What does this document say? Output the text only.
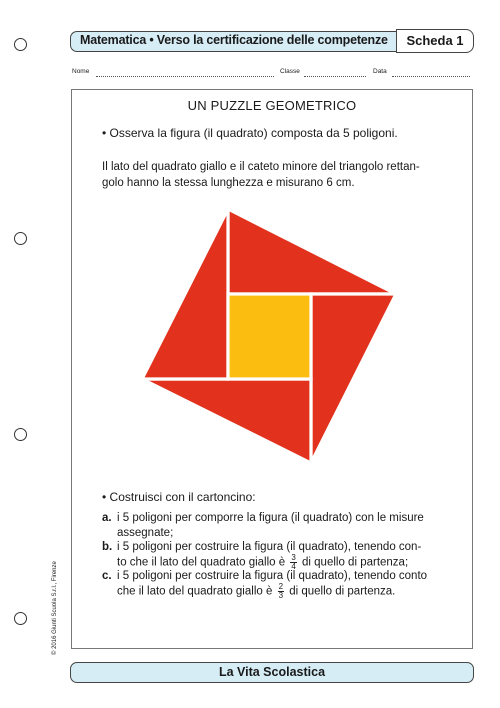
Matematica • Verso la certificazione delle competenze	Scheda 1
Nome	Classe	Data
UN PUZZLE GEOMETRICO
• Osserva la figura (il quadrato) composta da 5 poligoni.
Il lato del quadrato giallo e il cateto minore del triangolo rettan-
golo hanno la stessa lunghezza e misurano 6 cm.
• Costruisci con il cartoncino:
a. i 5 poligoni per comporre la figura (il quadrato) con le misure
assegnate;
b. i 5 poligoni per costruire la figura (il quadrato), tenendo con-
to che il lato del quadrato giallo è $\frac{3}{4}$ di quello di partenza;
c. i 5 poligoni per costruire la figura (il quadrato), tenendo conto
che il lato del quadrato giallo è $\frac{2}{3}$ di quello di partenza.
© 2016 Giunti Scuola S.r.l., Firenze
La Vita Scolastica
